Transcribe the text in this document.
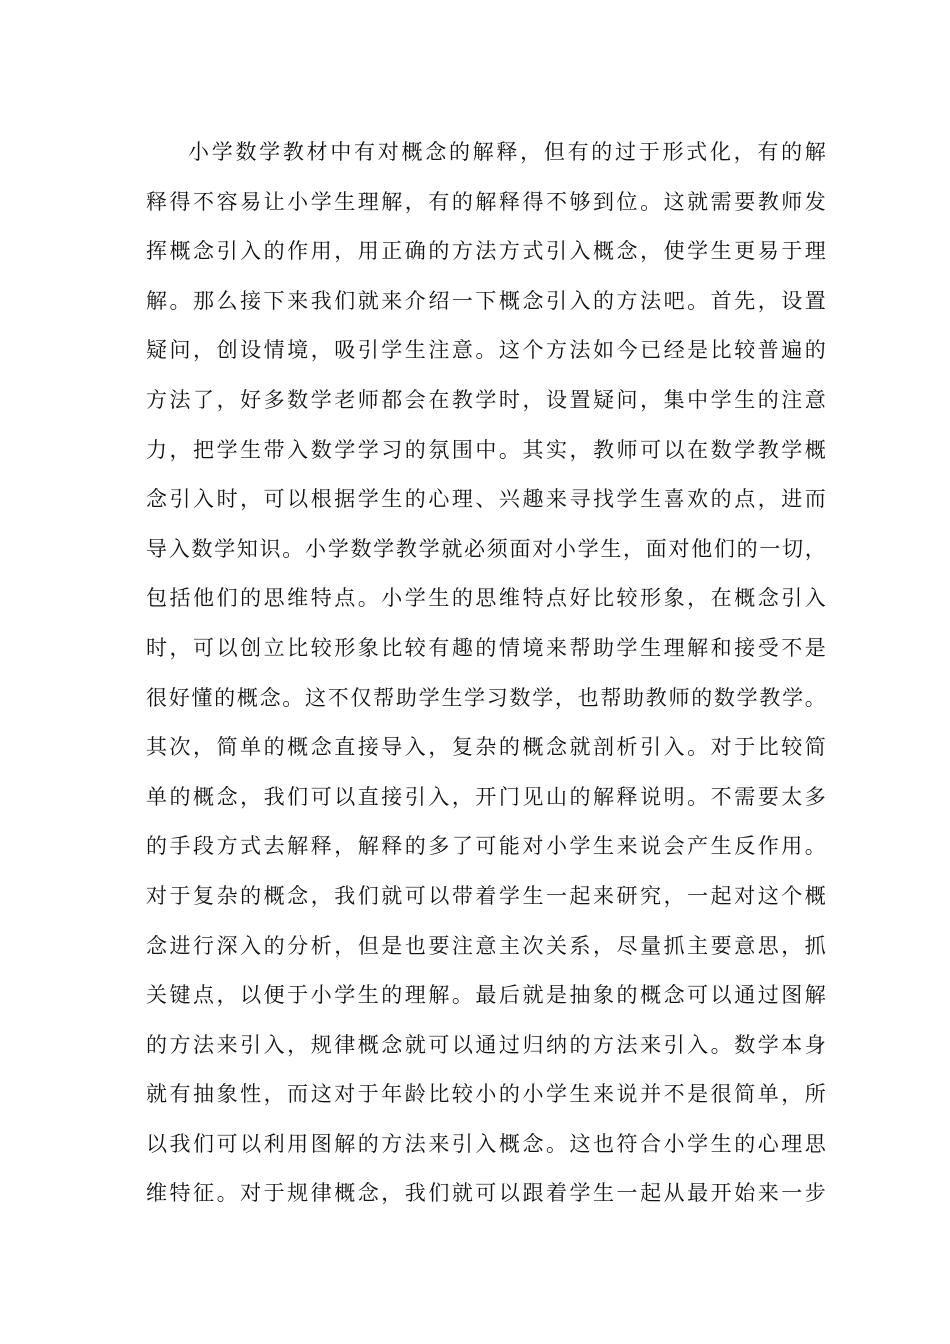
小学数学教材中有对概念的解释，但有的过于形式化，有的解
释得不容易让小学生理解，有的解释得不够到位。这就需要教师发
挥概念引入的作用，用正确的方法方式引入概念，使学生更易于理
解。那么接下来我们就来介绍一下概念引入的方法吧。首先，设置
疑问，创设情境，吸引学生注意。这个方法如今已经是比较普遍的
方法了，好多数学老师都会在教学时，设置疑问，集中学生的注意
力，把学生带入数学学习的氛围中。其实，教师可以在数学教学概
念引入时，可以根据学生的心理、兴趣来寻找学生喜欢的点，进而
导入数学知识。小学数学教学就必须面对小学生，面对他们的一切，
包括他们的思维特点。小学生的思维特点好比较形象，在概念引入
时，可以创立比较形象比较有趣的情境来帮助学生理解和接受不是
很好懂的概念。这不仅帮助学生学习数学，也帮助教师的数学教学。
其次，简单的概念直接导入，复杂的概念就剖析引入。对于比较简
单的概念，我们可以直接引入，开门见山的解释说明。不需要太多
的手段方式去解释，解释的多了可能对小学生来说会产生反作用。
对于复杂的概念，我们就可以带着学生一起来研究，一起对这个概
念进行深入的分析，但是也要注意主次关系，尽量抓主要意思，抓
关键点，以便于小学生的理解。最后就是抽象的概念可以通过图解
的方法来引入，规律概念就可以通过归纳的方法来引入。数学本身
就有抽象性，而这对于年龄比较小的小学生来说并不是很简单，所
以我们可以利用图解的方法来引入概念。这也符合小学生的心理思
维特征。对于规律概念，我们就可以跟着学生一起从最开始来一步
